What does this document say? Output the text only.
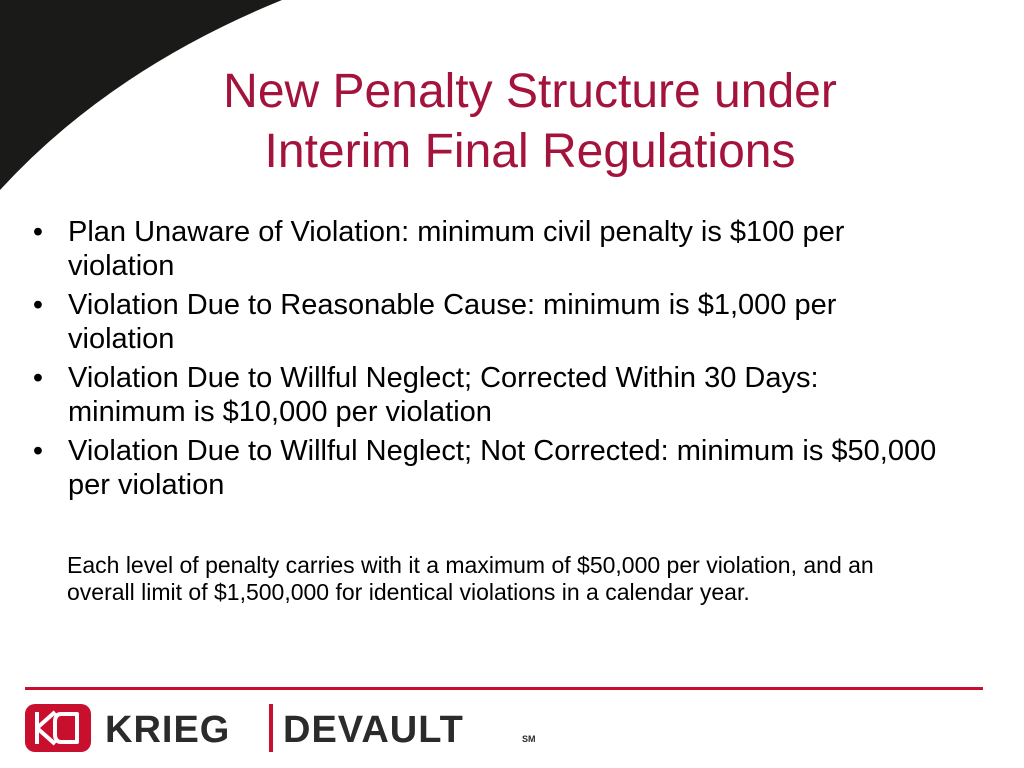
New Penalty Structure under
Interim Final Regulations
• Plan Unaware of Violation: minimum civil penalty is $100 per violation
• Violation Due to Reasonable Cause: minimum is $1,000 per violation
• Violation Due to Willful Neglect; Corrected Within 30 Days: minimum is $10,000 per violation
• Violation Due to Willful Neglect; Not Corrected: minimum is $50,000 per violation

Each level of penalty carries with it a maximum of $50,000 per violation, and an overall limit of $1,500,000 for identical violations in a calendar year.

KRIEG DEVAULT	SM
